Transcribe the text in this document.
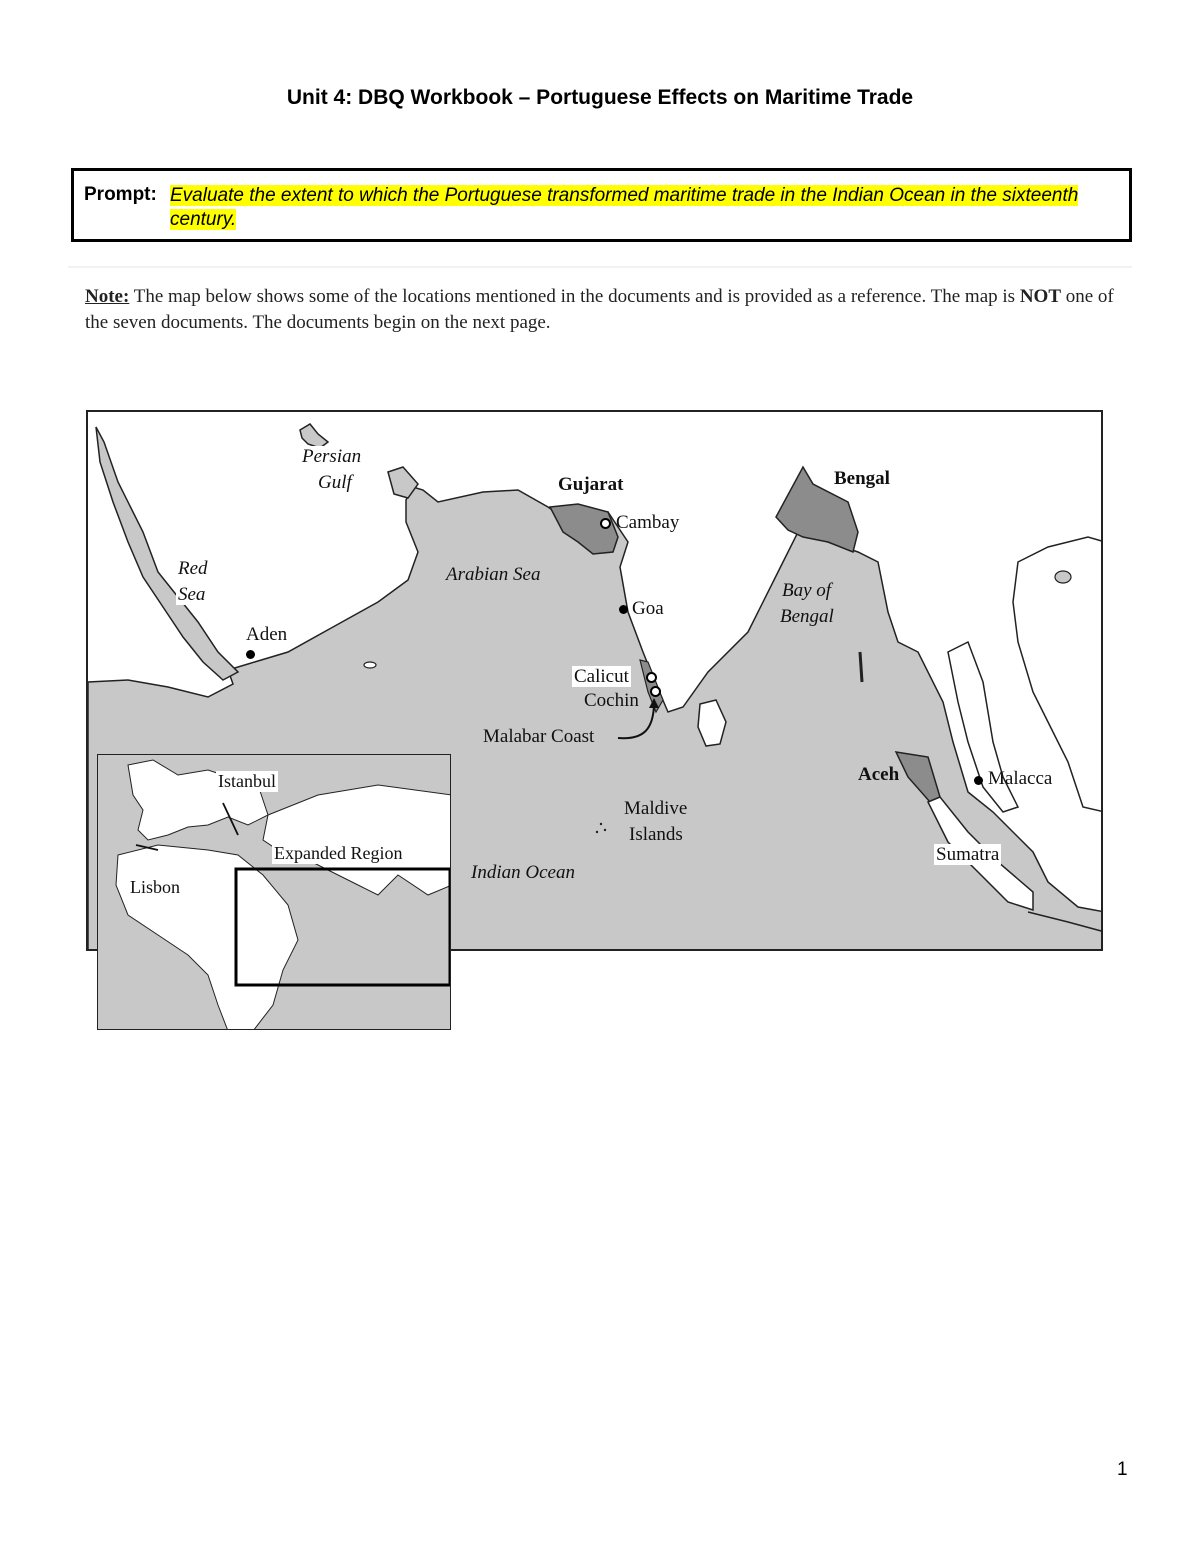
Unit 4: DBQ Workbook – Portuguese Effects on Maritime Trade
Prompt: Evaluate the extent to which the Portuguese transformed maritime trade in the Indian Ocean in the sixteenth century.
Note: The map below shows some of the locations mentioned in the documents and is provided as a reference. The map is NOT one of the seven documents. The documents begin on the next page.
Persian
Gulf
Red
Sea
Aden
Arabian Sea
Gujarat
Cambay
Goa
Calicut
Cochin
Malabar Coast
Bengal
Bay of
Bengal
Maldive
Islands
Indian Ocean
Aceh	Malacca
Sumatra
Istanbul
Expanded Region
Lisbon
1
